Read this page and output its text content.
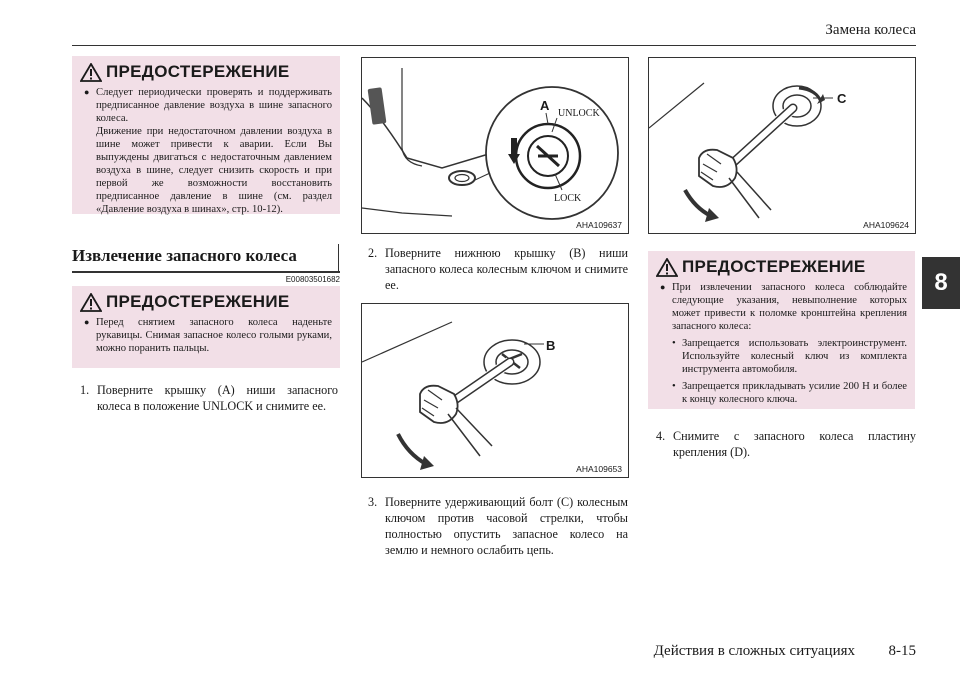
Замена колеса
8
ПРЕДОСТЕРЕЖЕНИЕ
● Следует периодически проверять и поддерживать предписанное давление воздуха в шине запасного колеса.
Движение при недостаточном давлении воздуха в шине может привести к аварии. Если Вы выпуждены двигаться с недостаточным давлением воздуха в шине, следует снизить скорость и при первой же возможности восстановить предписанное давление в шине (см. раздел «Давление воздуха в шинах», стр. 10-12).
Извлечение запасного колеса
E00803501682
ПРЕДОСТЕРЕЖЕНИЕ
● Перед снятием запасного колеса наденьте рукавицы. Снимая запасное колесо голыми руками, можно поранить пальцы.
1. Поверните крышку (A) ниши запасного колеса в положение UNLOCK и снимите ее.
A
UNLOCK
LOCK
AHA109637
2. Поверните нижнюю крышку (B) ниши запасного колеса колесным ключом и снимите ее.
B
AHA109653
3. Поверните удерживающий болт (C) колесным ключом против часовой стрелки, чтобы полностью опустить запасное колесо на землю и немного ослабить цепь.
C
AHA109624
ПРЕДОСТЕРЕЖЕНИЕ
● При извлечении запасного колеса соблюдайте следующие указания, невыполнение которых может привести к поломке кронштейна крепления запасного колеса:
• Запрещается использовать электроинструмент. Используйте колесный ключ из комплекта инструмента автомобиля.
• Запрещается прикладывать усилие 200 Н и более к концу колесного ключа.
4. Снимите с запасного колеса пластину крепления (D).
Действия в сложных ситуациях 8-15
